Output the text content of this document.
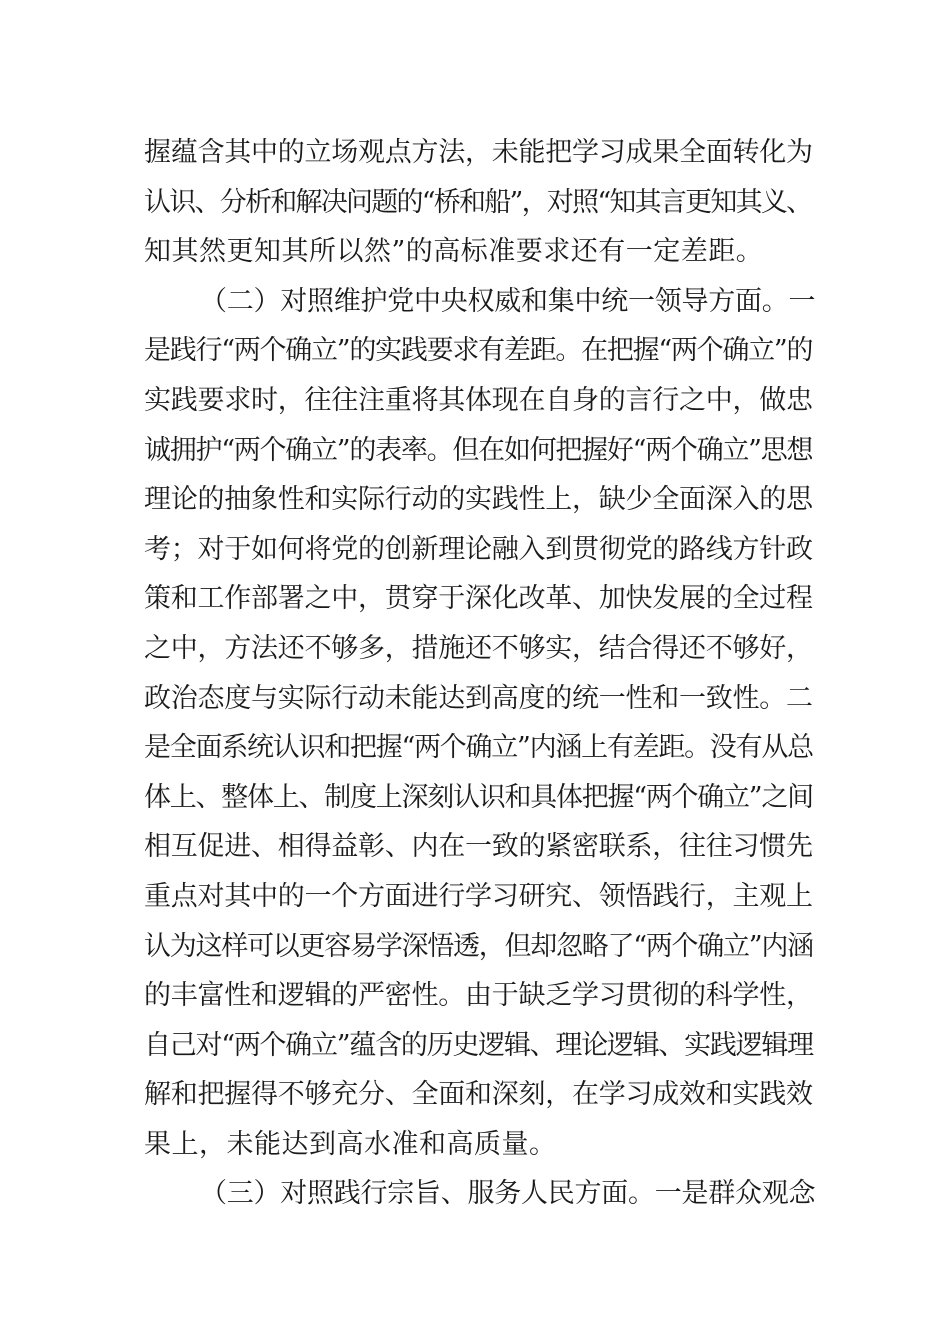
握蕴含其中的立场观点方法，未能把学习成果全面转化为
认识、分析和解决问题的“桥和船”，对照“知其言更知其义、
知其然更知其所以然”的高标准要求还有一定差距。
（二）对照维护党中央权威和集中统一领导方面。一
是践行“两个确立”的实践要求有差距。在把握“两个确立”的
实践要求时，往往注重将其体现在自身的言行之中，做忠
诚拥护“两个确立”的表率。但在如何把握好“两个确立”思想
理论的抽象性和实际行动的实践性上，缺少全面深入的思
考；对于如何将党的创新理论融入到贯彻党的路线方针政
策和工作部署之中，贯穿于深化改革、加快发展的全过程
之中，方法还不够多，措施还不够实，结合得还不够好，
政治态度与实际行动未能达到高度的统一性和一致性。二
是全面系统认识和把握“两个确立”内涵上有差距。没有从总
体上、整体上、制度上深刻认识和具体把握“两个确立”之间
相互促进、相得益彰、内在一致的紧密联系，往往习惯先
重点对其中的一个方面进行学习研究、领悟践行，主观上
认为这样可以更容易学深悟透，但却忽略了“两个确立”内涵
的丰富性和逻辑的严密性。由于缺乏学习贯彻的科学性，
自己对“两个确立”蕴含的历史逻辑、理论逻辑、实践逻辑理
解和把握得不够充分、全面和深刻，在学习成效和实践效
果上，未能达到高水准和高质量。
（三）对照践行宗旨、服务人民方面。一是群众观念
